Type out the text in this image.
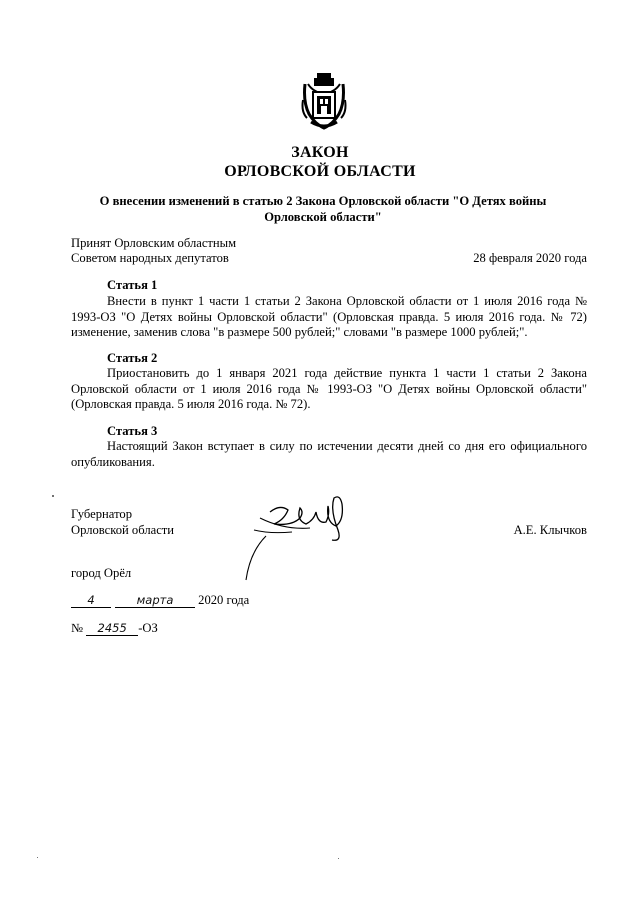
ЗАКОН
ОРЛОВСКОЙ ОБЛАСТИ
О внесении изменений в статью 2 Закона Орловской области "О Детях войны Орловской области"
Принят Орловским областным
Советом народных депутатов	28 февраля 2020 года
Статья 1
Внести в пункт 1 части 1 статьи 2 Закона Орловской области от 1 июля 2016 года № 1993-ОЗ "О Детях войны Орловской области" (Орловская правда. 5 июля 2016 года. № 72) изменение, заменив слова "в размере 500 рублей;" словами "в размере 1000 рублей;".
Статья 2
Приостановить до 1 января 2021 года действие пункта 1 части 1 статьи 2 Закона Орловской области от 1 июля 2016 года № 1993-ОЗ "О Детях войны Орловской области" (Орловская правда. 5 июля 2016 года. № 72).
Статья 3
Настоящий Закон вступает в силу по истечении десяти дней со дня его официального опубликования.
Губернатор
Орловской области	А.Е. Клычков
город Орёл
4	марта 2020 года
№ 2455 -ОЗ
